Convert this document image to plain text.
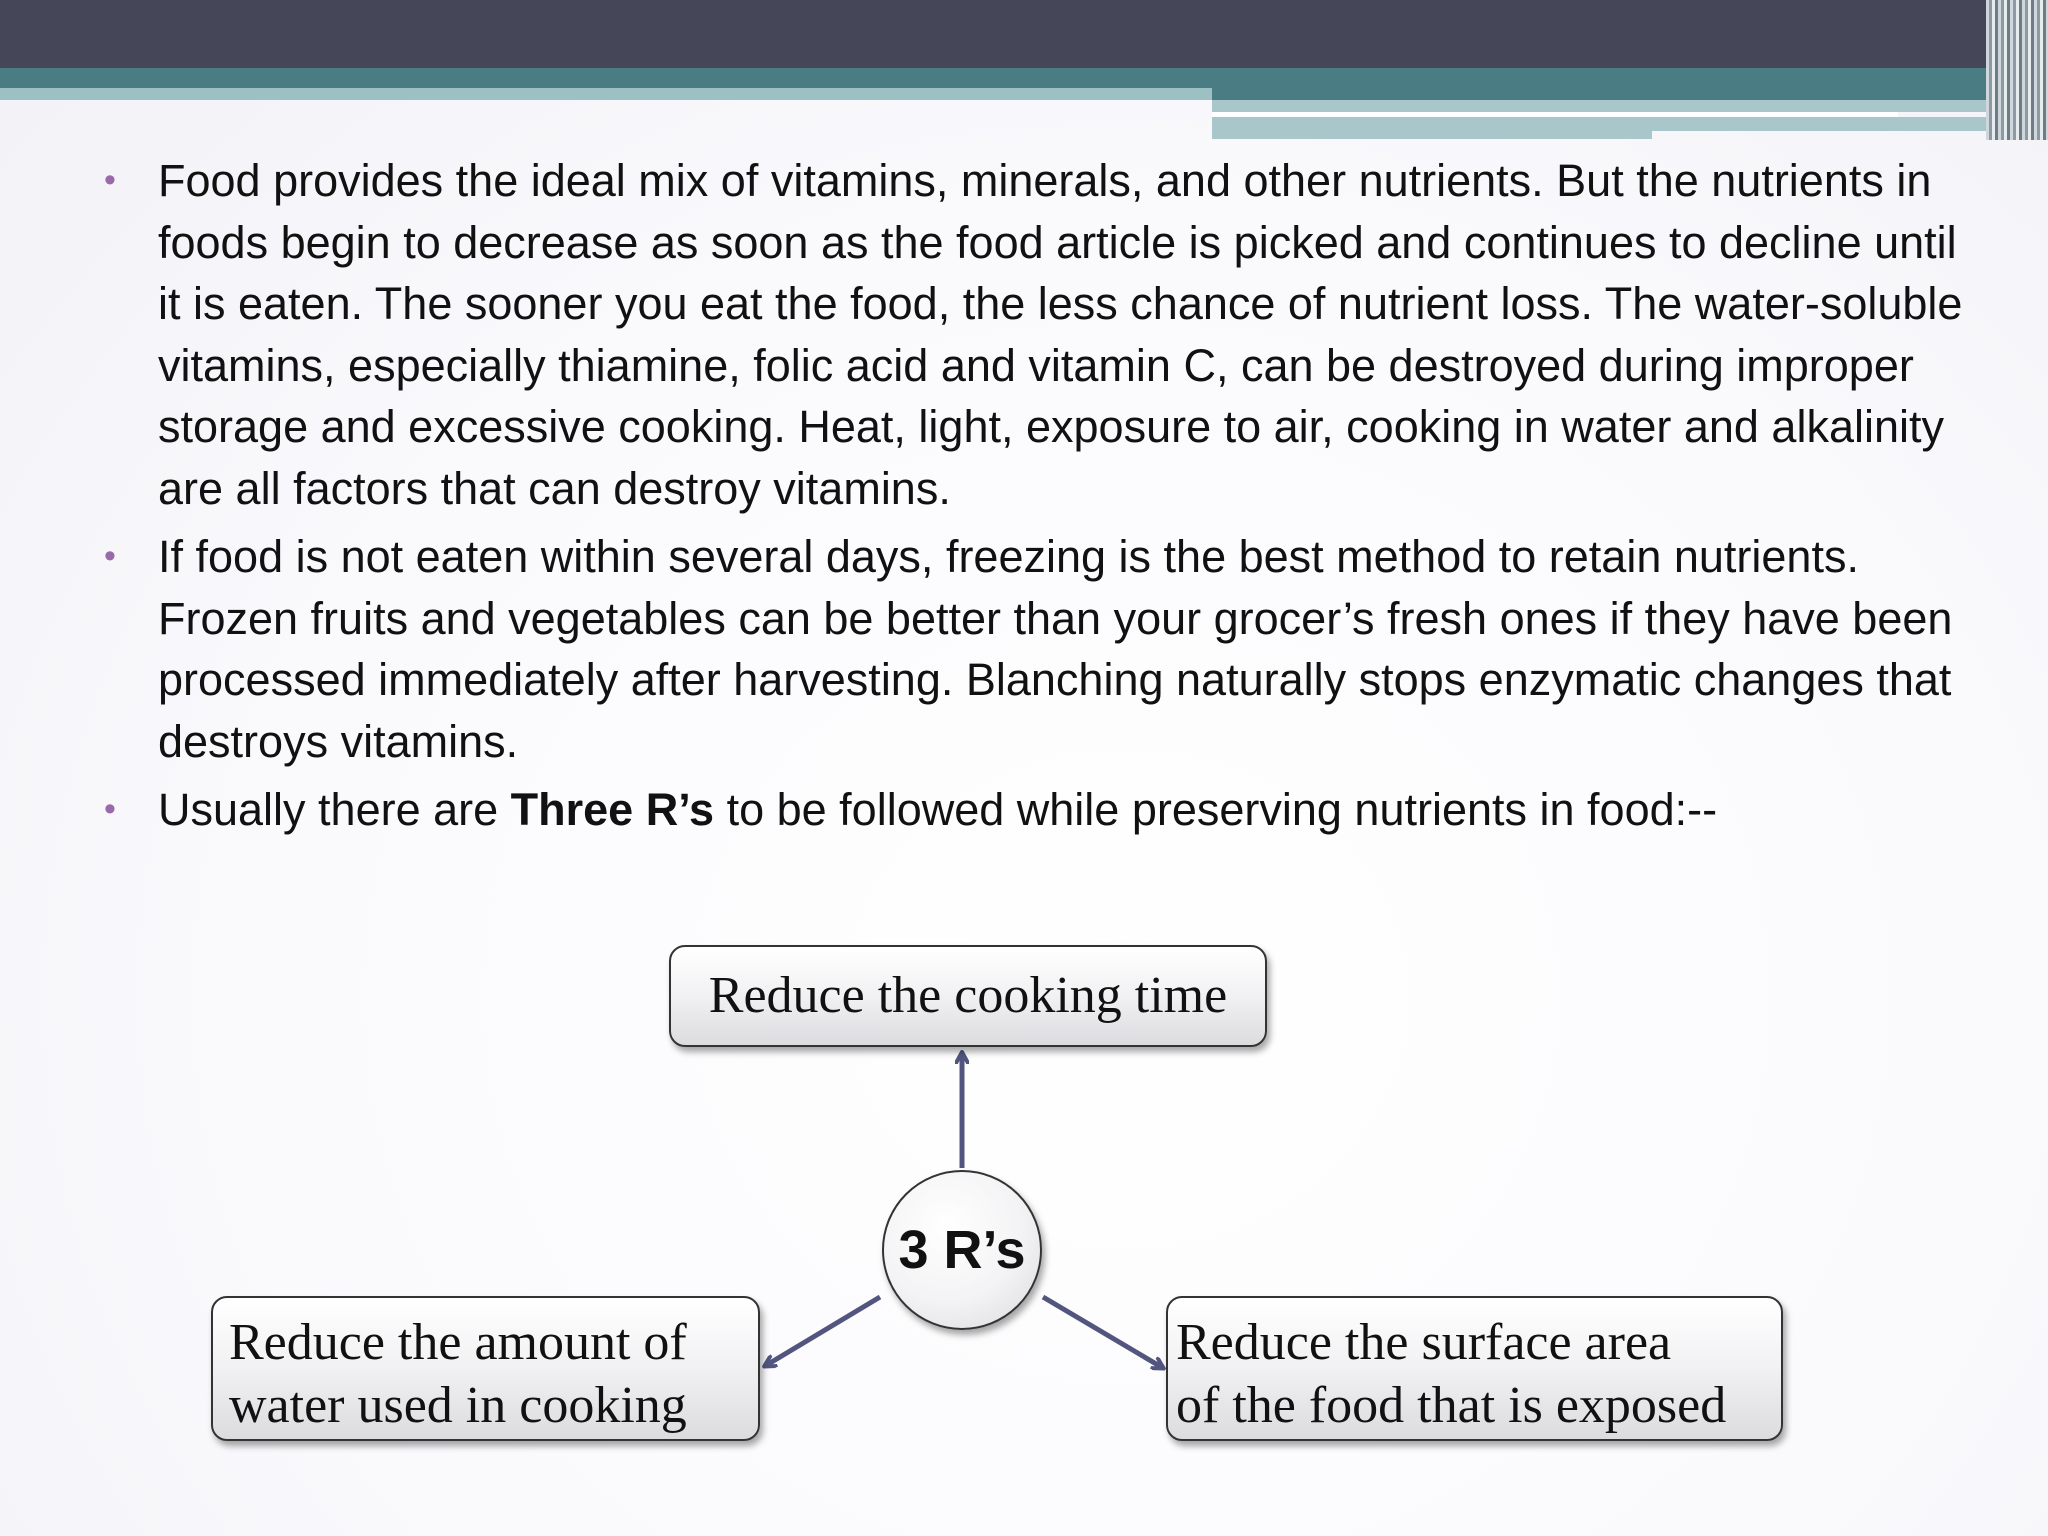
• Food provides the ideal mix of vitamins, minerals, and other nutrients. But the nutrients in foods begin to decrease as soon as the food article is picked and continues to decline until it is eaten. The sooner you eat the food, the less chance of nutrient loss. The water-soluble vitamins, especially thiamine, folic acid and vitamin C, can be destroyed during improper storage and excessive cooking. Heat, light, exposure to air, cooking in water and alkalinity are all factors that can destroy vitamins.
• If food is not eaten within several days, freezing is the best method to retain nutrients. Frozen fruits and vegetables can be better than your grocer’s fresh ones if they have been processed immediately after harvesting. Blanching naturally stops enzymatic changes that destroys vitamins.
• Usually there are Three R’s to be followed while preserving nutrients in food:--
Reduce the cooking time
Reduce the amount of
water used in cooking
Reduce the surface area
of the food that is exposed
3 R’s
